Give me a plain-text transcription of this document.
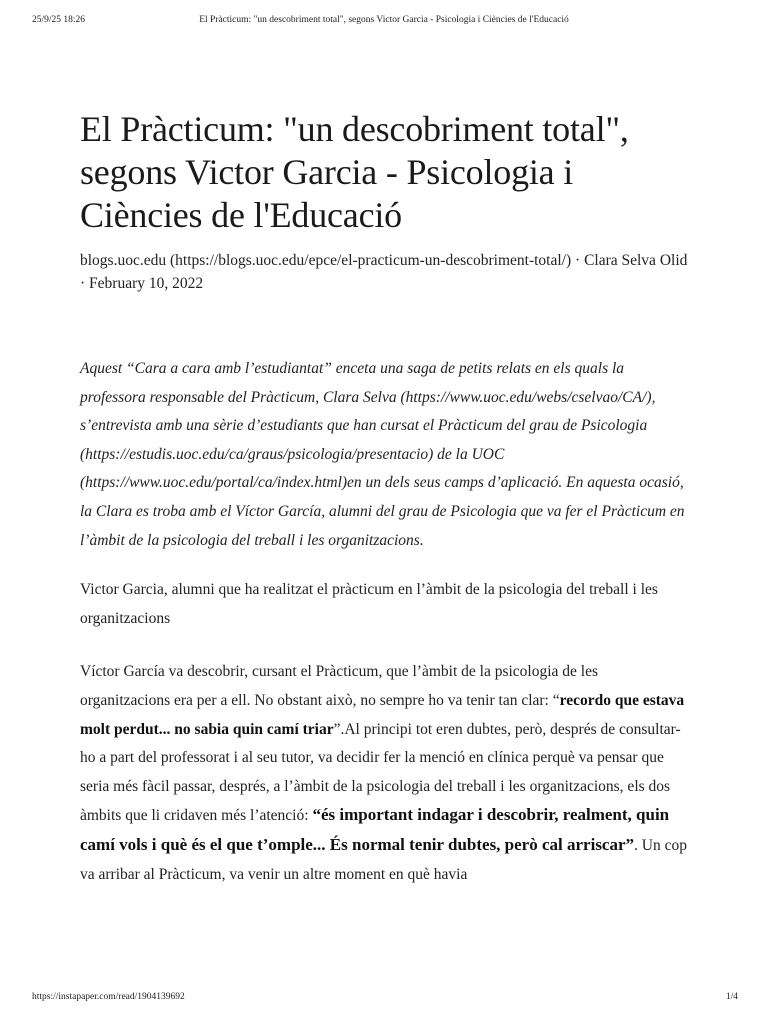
25/9/25 18:26	El Pràcticum: "un descobriment total", segons Victor Garcia - Psicologia i Ciències de l'Educació
El Pràcticum: "un descobriment total", segons Victor Garcia - Psicologia i Ciències de l'Educació
blogs.uoc.edu (https://blogs.uoc.edu/epce/el-practicum-un-descobriment-total/) · Clara Selva Olid · February 10, 2022

Aquest “Cara a cara amb l’estudiantat” enceta una saga de petits relats en els quals la professora responsable del Pràcticum, Clara Selva (https://www.uoc.edu/webs/cselvao/CA/), s’entrevista amb una sèrie d’estudiants que han cursat el Pràcticum del grau de Psicologia (https://estudis.uoc.edu/ca/graus/psicologia/presentacio) de la UOC (https://www.uoc.edu/portal/ca/index.html)en un dels seus camps d’aplicació. En aquesta ocasió, la Clara es troba amb el Víctor García, alumni del grau de Psicologia que va fer el Pràcticum en l’àmbit de la psicologia del treball i les organitzacions.

Victor Garcia, alumni que ha realitzat el pràcticum en l’àmbit de la psicologia del treball i les organitzacions

Víctor García va descobrir, cursant el Pràcticum, que l’àmbit de la psicologia de les organitzacions era per a ell. No obstant això, no sempre ho va tenir tan clar: “recordo que estava molt perdut... no sabia quin camí triar”.Al principi tot eren dubtes, però, després de consultar-ho a part del professorat i al seu tutor, va decidir fer la menció en clínica perquè va pensar que seria més fàcil passar, després, a l’àmbit de la psicologia del treball i les organitzacions, els dos àmbits que li cridaven més l’atenció: “és important indagar i descobrir, realment, quin camí vols i què és el que t’omple... És normal tenir dubtes, però cal arriscar”. Un cop va arribar al Pràcticum, va venir un altre moment en què havia

https://instapaper.com/read/1904139692	1/4
